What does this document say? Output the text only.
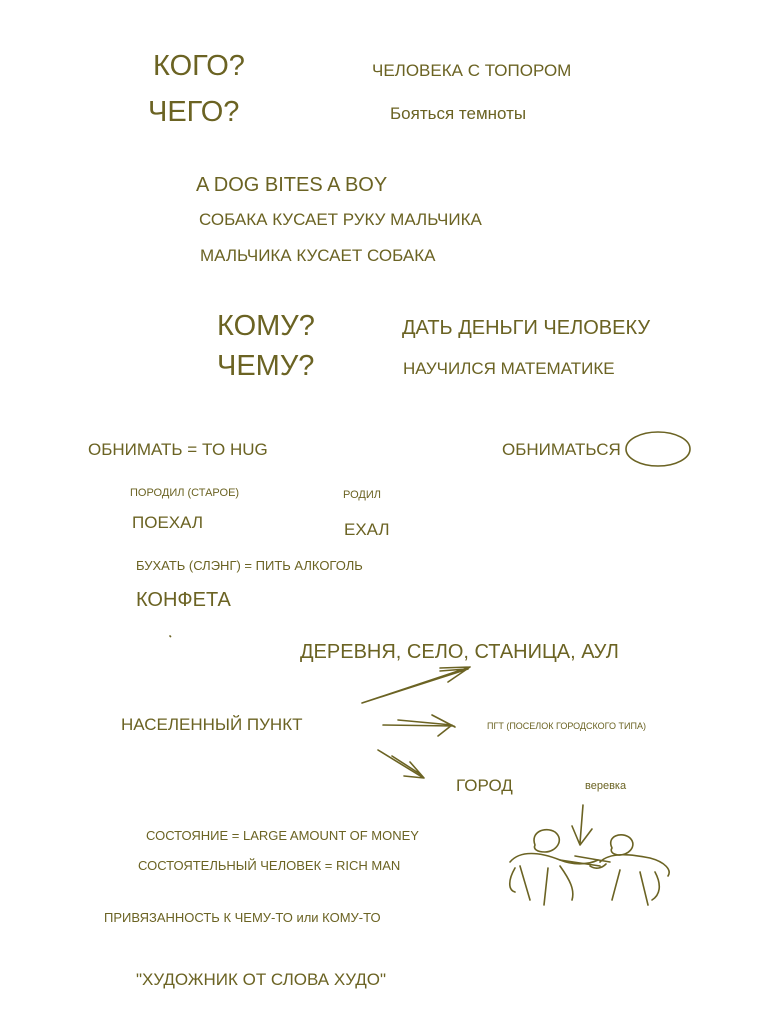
КОГО?	ЧЕЛОВЕКА С ТОПОРОМ
ЧЕГО?	Бояться темноты
A DOG BITES A BOY
СОБАКА КУСАЕТ РУКУ МАЛЬЧИКА
МАЛЬЧИКА КУСАЕТ СОБАКА
КОМУ?	ДАТЬ ДЕНЬГИ ЧЕЛОВЕКУ
ЧЕМУ?	НАУЧИЛСЯ МАТЕМАТИКЕ
ОБНИМАТЬ = TO HUG	ОБНИМАТЬСЯ
ПОРОДИЛ (СТАРОЕ)	РОДИЛ
ПОЕХАЛ	ЕХАЛ
БУХАТЬ (СЛЭНГ) = ПИТЬ АЛКОГОЛЬ
КОНФЕТА
ДЕРЕВНЯ, СЕЛО, СТАНИЦА, АУЛ
НАСЕЛЕННЫЙ ПУНКТ	ПГТ (ПОСЕЛОК ГОРОДСКОГО ТИПА)
ГОРОД	веревка
СОСТОЯНИЕ = LARGE AMOUNT OF MONEY
СОСТОЯТЕЛЬНЫЙ ЧЕЛОВЕК = RICH MAN
ПРИВЯЗАННОСТЬ К ЧЕМУ-ТО или КОМУ-ТО
"ХУДОЖНИК ОТ СЛОВА ХУДО"
